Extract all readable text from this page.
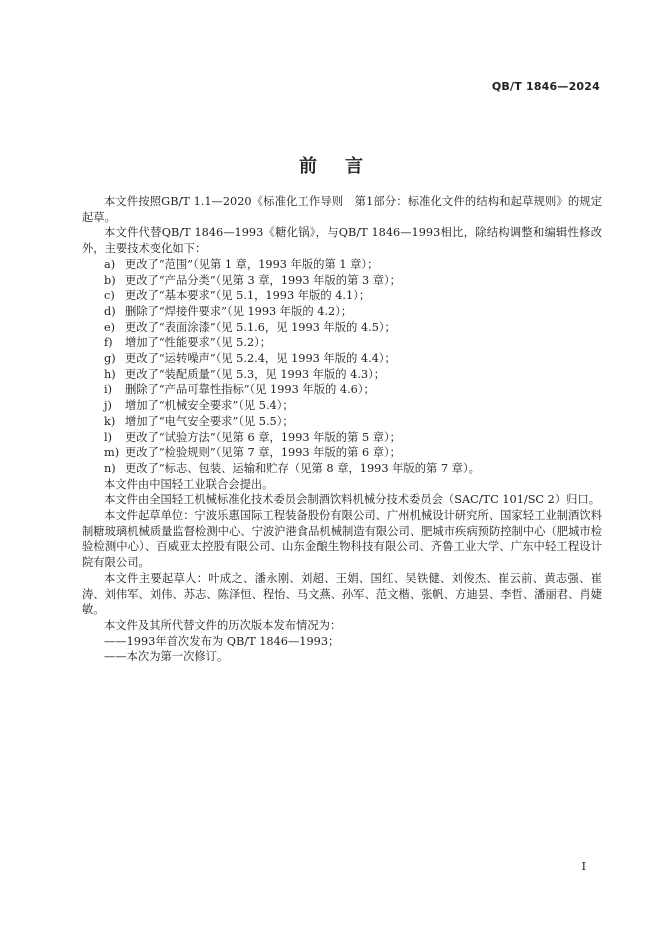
QB/T 1846—2024
前言

本文件按照GB/T 1.1—2020《标准化工作导则　第1部分：标准化文件的结构和起草规则》的规定起草。

本文件代替QB/T 1846—1993《糖化锅》，与QB/T 1846—1993相比，除结构调整和编辑性修改外，主要技术变化如下：

a) 更改了“范围”（见第 1 章，1993 年版的第 1 章）；

b) 更改了“产品分类”（见第 3 章，1993 年版的第 3 章）；

c) 更改了“基本要求”（见 5.1，1993 年版的 4.1）；

d) 删除了“焊接件要求”（见 1993 年版的 4.2）；

e) 更改了“表面涂漆”（见 5.1.6，见 1993 年版的 4.5）；

f) 增加了“性能要求”（见 5.2）；

g) 更改了“运转噪声”（见 5.2.4，见 1993 年版的 4.4）；

h) 更改了“装配质量”（见 5.3，见 1993 年版的 4.3）；

i) 删除了“产品可靠性指标”（见 1993 年版的 4.6）；

j) 增加了“机械安全要求”（见 5.4）；

k) 增加了“电气安全要求”（见 5.5）；

l) 更改了“试验方法”（见第 6 章，1993 年版的第 5 章）；

m) 更改了“检验规则”（见第 7 章，1993 年版的第 6 章）；

n) 更改了“标志、包装、运输和贮存（见第 8 章，1993 年版的第 7 章）。

本文件由中国轻工业联合会提出。

本文件由全国轻工机械标准化技术委员会制酒饮料机械分技术委员会（SAC/TC 101/SC 2）归口。

本文件起草单位：宁波乐惠国际工程装备股份有限公司、广州机械设计研究所、国家轻工业制酒饮料制糖玻璃机械质量监督检测中心、宁波沪港食品机械制造有限公司、肥城市疾病预防控制中心（肥城市检验检测中心）、百威亚太控股有限公司、山东金酿生物科技有限公司、齐鲁工业大学、广东中轻工程设计院有限公司。

本文件主要起草人：叶成之、潘永刚、刘超、王娟、国红、吴铁健、刘俊杰、崔云前、黄志强、崔涛、刘伟军、刘伟、苏志、陈泽恒、程怡、马文燕、孙军、范文楷、张帆、方迪昙、李哲、潘丽君、肖婕敏。

本文件及其所代替文件的历次版本发布情况为：

——1993年首次发布为 QB/T 1846—1993；

——本次为第一次修订。

I
